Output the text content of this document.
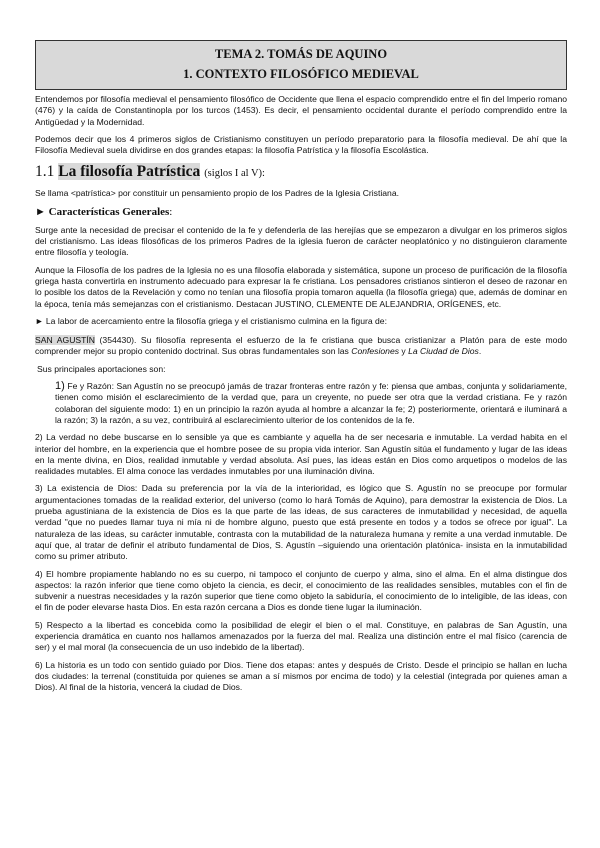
TEMA 2. TOMÁS DE AQUINO
1. CONTEXTO FILOSÓFICO MEDIEVAL

Entendemos por filosofía medieval el pensamiento filosófico de Occidente que llena el espacio comprendido entre el fin del Imperio romano (476) y la caída de Constantinopla por los turcos (1453). Es decir, el pensamiento occidental durante el período comprendido entre la Antigüedad y la Modernidad.

Podemos decir que los 4 primeros siglos de Cristianismo constituyen un período preparatorio para la filosofía medieval. De ahí que la Filosofía Medieval suela dividirse en dos grandes etapas: la filosofía Patrística y la filosofía Escolástica.

1.1 La filosofía Patrística (siglos I al V):

Se llama <patrística> por constituir un pensamiento propio de los Padres de la Iglesia Cristiana.

► Características Generales:

Surge ante la necesidad de precisar el contenido de la fe y defenderla de las herejías que se empezaron a divulgar en los primeros siglos del cristianismo. Las ideas filosóficas de los primeros Padres de la iglesia fueron de carácter neoplatónico y no distinguieron claramente entre filosofía y teología.

Aunque la Filosofía de los padres de la Iglesia no es una filosofía elaborada y sistemática, supone un proceso de purificación de la filosofía griega hasta convertirla en instrumento adecuado para expresar la fe cristiana. Los pensadores cristianos sintieron el deseo de razonar en lo posible los datos de la Revelación y como no tenían una filosofía propia tomaron aquella (la filosofía griega) que, además de dominar en la época, tenía más semejanzas con el cristianismo. Destacan JUSTINO, CLEMENTE DE ALEJANDRIA, ORÍGENES, etc.

► La labor de acercamiento entre la filosofía griega y el cristianismo culmina en la figura de:

SAN AGUSTÍN (354430). Su filosofía representa el esfuerzo de la fe cristiana que busca cristianizar a Platón para de este modo comprender mejor su propio contenido doctrinal. Sus obras fundamentales son las Confesiones y La Ciudad de Dios.

Sus principales aportaciones son:

1) Fe y Razón: San Agustín no se preocupó jamás de trazar fronteras entre razón y fe: piensa que ambas, conjunta y solidariamente, tienen como misión el esclarecimiento de la verdad que, para un creyente, no puede ser otra que la verdad cristiana. Fe y razón colaboran del siguiente modo: 1) en un principio la razón ayuda al hombre a alcanzar la fe; 2) posteriormente, orientará e iluminará a la razón; 3) la razón, a su vez, contribuirá al esclarecimiento ulterior de los contenidos de la fe.

2) La verdad no debe buscarse en lo sensible ya que es cambiante y aquella ha de ser necesaria e inmutable. La verdad habita en el interior del hombre, en la experiencia que el hombre posee de su propia vida interior. San Agustín sitúa el fundamento y lugar de las ideas en la mente divina, en Dios, realidad inmutable y verdad absoluta. Así pues, las ideas están en Dios como arquetipos o modelos de las realidades mutables. El alma conoce las verdades inmutables por una iluminación divina.

3) La existencia de Dios: Dada su preferencia por la vía de la interioridad, es lógico que S. Agustín no se preocupe por formular argumentaciones tomadas de la realidad exterior, del universo (como lo hará Tomás de Aquino), para demostrar la existencia de Dios. La prueba agustiniana de la existencia de Dios es la que parte de las ideas, de sus caracteres de inmutabilidad y necesidad, de aquella verdad "que no puedes llamar tuya ni mía ni de hombre alguno, puesto que está presente en todos y a todos se ofrece por igual". La naturaleza de las ideas, su carácter inmutable, contrasta con la mutabilidad de la naturaleza humana y remite a una verdad inmutable. De aquí que, al tratar de definir el atributo fundamental de Dios, S. Agustín –siguiendo una orientación platónica- insista en la inmutabilidad como su primer atributo.

4) El hombre propiamente hablando no es su cuerpo, ni tampoco el conjunto de cuerpo y alma, sino el alma. En el alma distingue dos aspectos: la razón inferior que tiene como objeto la ciencia, es decir, el conocimiento de las realidades sensibles, mutables con el fin de subvenir a nuestras necesidades y la razón superior que tiene como objeto la sabiduría, el conocimiento de lo inteligible, de las ideas, con el fin de poder elevarse hasta Dios. En esta razón cercana a Dios es donde tiene lugar la iluminación.

5) Respecto a la libertad es concebida como la posibilidad de elegir el bien o el mal. Constituye, en palabras de San Agustín, una experiencia dramática en cuanto nos hallamos amenazados por la fuerza del mal. Realiza una distinción entre el mal físico (carencia de ser) y el mal moral (la consecuencia de un uso indebido de la libertad).

6) La historia es un todo con sentido guiado por Dios. Tiene dos etapas: antes y después de Cristo. Desde el principio se hallan en lucha dos ciudades: la terrenal (constituida por quienes se aman a sí mismos por encima de todo) y la celestial (integrada por quienes aman a Dios). Al final de la historia, vencerá la ciudad de Dios.
